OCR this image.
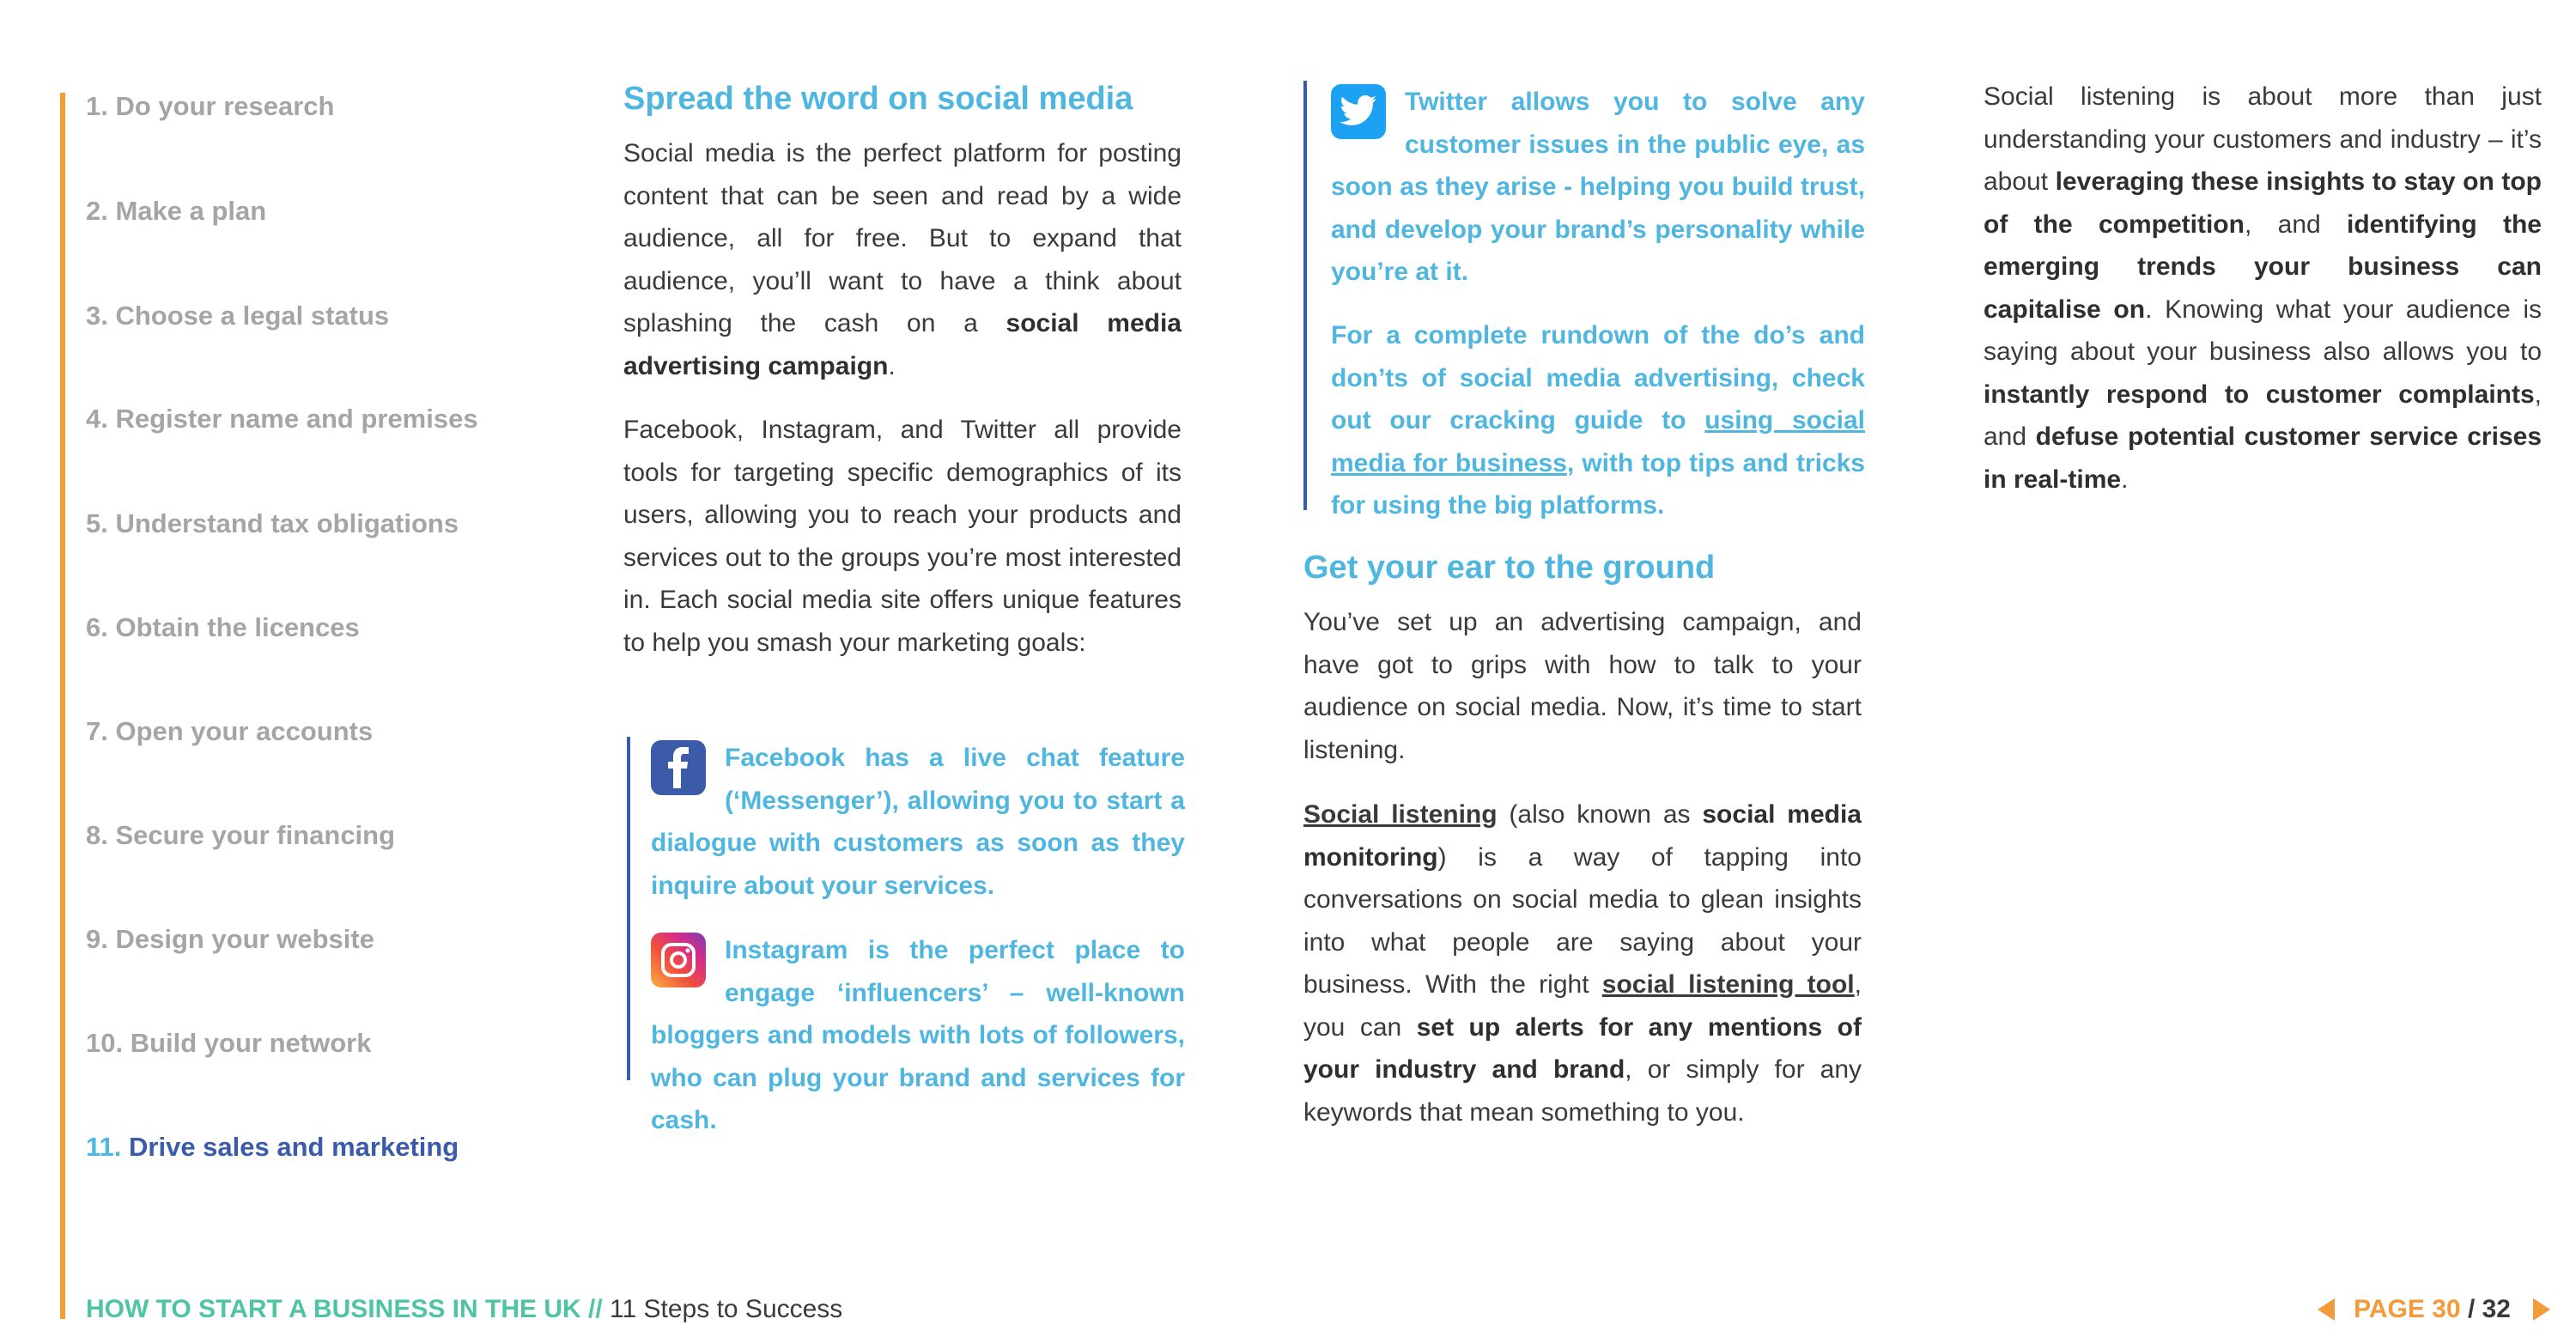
1. Do your research
2. Make a plan
3. Choose a legal status
4. Register name and premises
5. Understand tax obligations
6. Obtain the licences
7. Open your accounts
8. Secure your financing
9. Design your website
10. Build your network
11. Drive sales and marketing
Spread the word on social media

Social media is the perfect platform for posting content that can be seen and read by a wide audience, all for free. But to expand that audience, you’ll want to have a think about splashing the cash on a social media advertising campaign.

Facebook, Instagram, and Twitter all provide tools for targeting specific demographics of its users, allowing you to reach your products and services out to the groups you’re most interested in. Each social media site offers unique features to help you smash your marketing goals:

Facebook has a live chat feature (‘Messenger’), allowing you to start a dialogue with customers as soon as they inquire about your services.

Instagram is the perfect place to engage ‘influencers’ – well-known bloggers and models with lots of followers, who can plug your brand and services for cash.

Twitter allows you to solve any customer issues in the public eye, as soon as they arise - helping you build trust, and develop your brand’s personality while you’re at it.

For a complete rundown of the do’s and don’ts of social media advertising, check out our cracking guide to using social media for business, with top tips and tricks for using the big platforms.

Get your ear to the ground

You’ve set up an advertising campaign, and have got to grips with how to talk to your audience on social media. Now, it’s time to start listening.

Social listening (also known as social media monitoring) is a way of tapping into conversations on social media to glean insights into what people are saying about your business. With the right social listening tool, you can set up alerts for any mentions of your industry and brand, or simply for any keywords that mean something to you.

Social listening is about more than just understanding your customers and industry – it’s about leveraging these insights to stay on top of the competition, and identifying the emerging trends your business can capitalise on. Knowing what your audience is saying about your business also allows you to instantly respond to customer complaints, and defuse potential customer service crises in real-time.

HOW TO START A BUSINESS IN THE UK // 11 Steps to Success	PAGE
30
/
32
